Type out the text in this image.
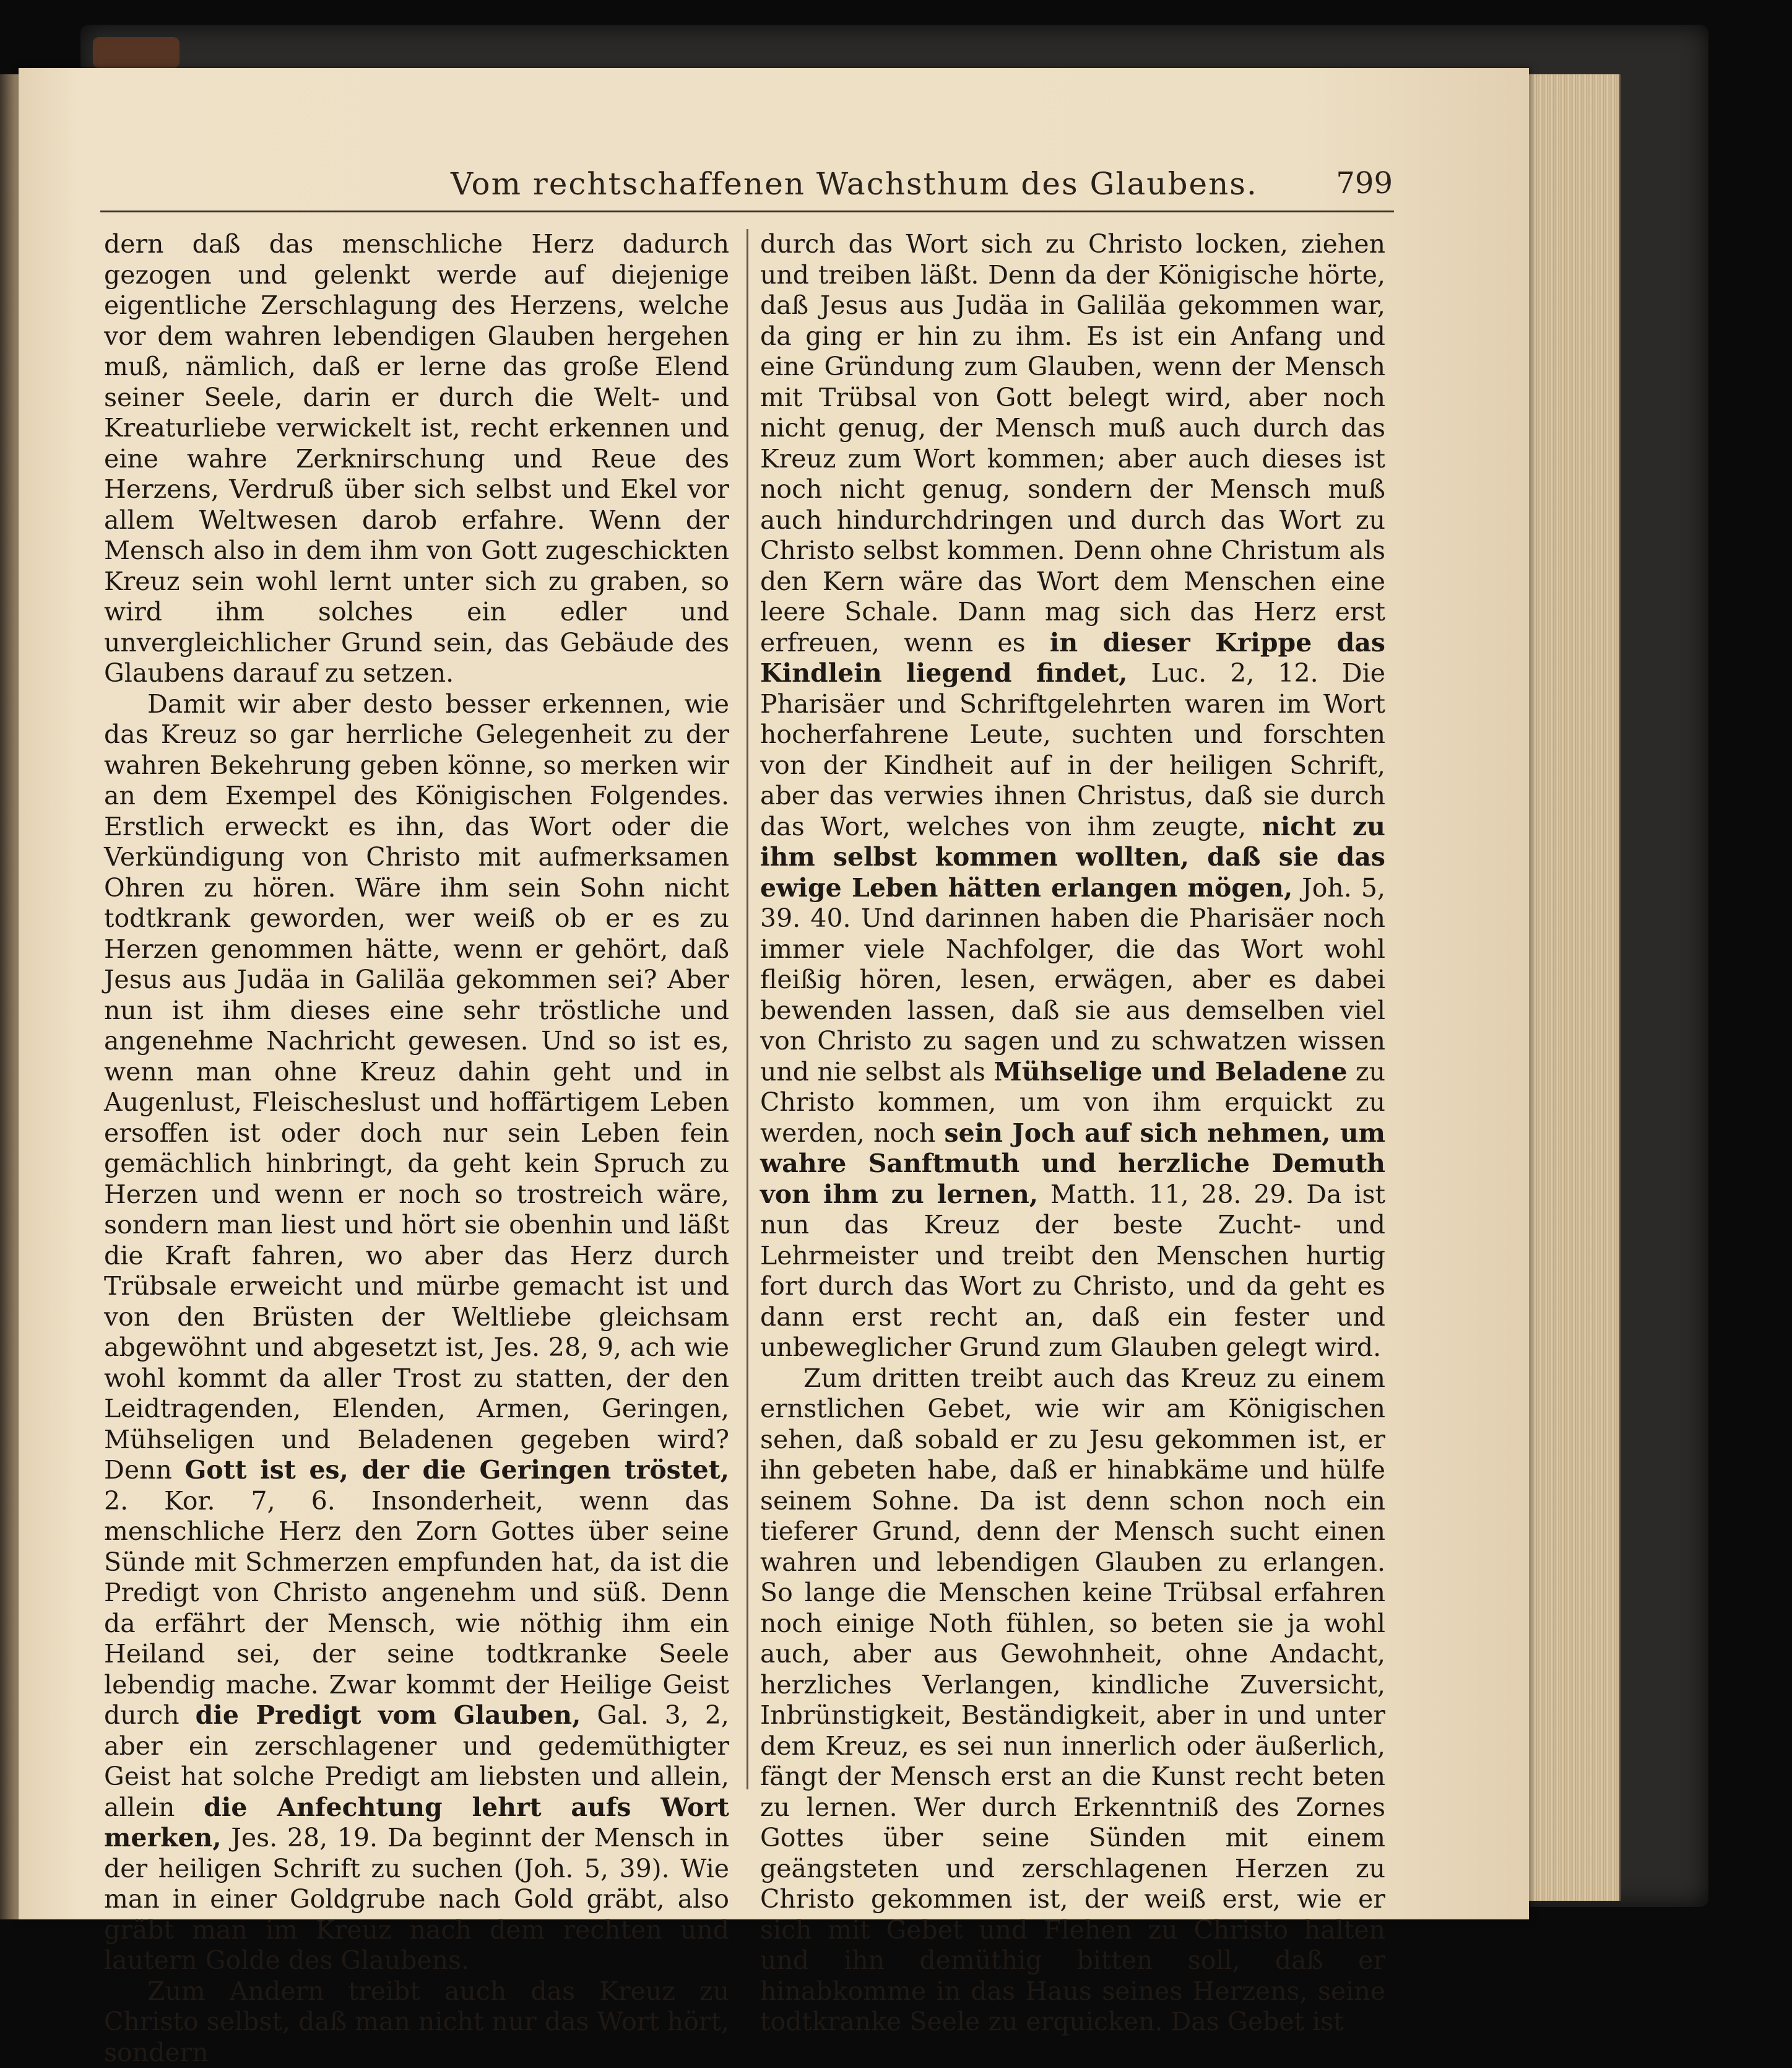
Vom rechtschaffenen Wachsthum des Glaubens.	799

dern daß das menschliche Herz dadurch gezogen und gelenkt werde auf diejenige eigentliche Zerschlagung des Herzens, welche vor dem wahren lebendigen Glauben hergehen muß, nämlich, daß er lerne das große Elend seiner Seele, darin er durch die Welt- und Kreaturliebe verwickelt ist, recht erkennen und eine wahre Zerknirschung und Reue des Herzens, Verdruß über sich selbst und Ekel vor allem Weltwesen darob erfahre. Wenn der Mensch also in dem ihm von Gott zugeschickten Kreuz sein wohl lernt unter sich zu graben, so wird ihm solches ein edler und unvergleichlicher Grund sein, das Gebäude des Glaubens darauf zu setzen.

Damit wir aber desto besser erkennen, wie das Kreuz so gar herrliche Gelegenheit zu der wahren Bekehrung geben könne, so merken wir an dem Exempel des Königischen Folgendes. Erstlich erweckt es ihn, das Wort oder die Verkündigung von Christo mit aufmerksamen Ohren zu hören. Wäre ihm sein Sohn nicht todtkrank geworden, wer weiß ob er es zu Herzen genommen hätte, wenn er gehört, daß Jesus aus Judäa in Galiläa gekommen sei? Aber nun ist ihm dieses eine sehr tröstliche und angenehme Nachricht gewesen. Und so ist es, wenn man ohne Kreuz dahin geht und in Augenlust, Fleischeslust und hoffärtigem Leben ersoffen ist oder doch nur sein Leben fein gemächlich hinbringt, da geht kein Spruch zu Herzen und wenn er noch so trostreich wäre, sondern man liest und hört sie obenhin und läßt die Kraft fahren, wo aber das Herz durch Trübsale erweicht und mürbe gemacht ist und von den Brüsten der Weltliebe gleichsam abgewöhnt und abgesetzt ist, Jes. 28, 9, ach wie wohl kommt da aller Trost zu statten, der den Leidtragenden, Elenden, Armen, Geringen, Mühseligen und Beladenen gegeben wird? Denn Gott ist es, der die Geringen tröstet, 2. Kor. 7, 6. Insonderheit, wenn das menschliche Herz den Zorn Gottes über seine Sünde mit Schmerzen empfunden hat, da ist die Predigt von Christo angenehm und süß. Denn da erfährt der Mensch, wie nöthig ihm ein Heiland sei, der seine todtkranke Seele lebendig mache. Zwar kommt der Heilige Geist durch die Predigt vom Glauben, Gal. 3, 2, aber ein zerschlagener und gedemüthigter Geist hat solche Predigt am liebsten und allein, allein die Anfechtung lehrt aufs Wort merken, Jes. 28, 19. Da beginnt der Mensch in der heiligen Schrift zu suchen (Joh. 5, 39). Wie man in einer Goldgrube nach Gold gräbt, also gräbt man im Kreuz nach dem rechten und lautern Golde des Glaubens.

Zum Andern treibt auch das Kreuz zu Christo selbst, daß man nicht nur das Wort hört, sondern

durch das Wort sich zu Christo locken, ziehen und treiben läßt. Denn da der Königische hörte, daß Jesus aus Judäa in Galiläa gekommen war, da ging er hin zu ihm. Es ist ein Anfang und eine Gründung zum Glauben, wenn der Mensch mit Trübsal von Gott belegt wird, aber noch nicht genug, der Mensch muß auch durch das Kreuz zum Wort kommen; aber auch dieses ist noch nicht genug, sondern der Mensch muß auch hindurchdringen und durch das Wort zu Christo selbst kommen. Denn ohne Christum als den Kern wäre das Wort dem Menschen eine leere Schale. Dann mag sich das Herz erst erfreuen, wenn es in dieser Krippe das Kindlein liegend findet, Luc. 2, 12. Die Pharisäer und Schriftgelehrten waren im Wort hocherfahrene Leute, suchten und forschten von der Kindheit auf in der heiligen Schrift, aber das verwies ihnen Christus, daß sie durch das Wort, welches von ihm zeugte, nicht zu ihm selbst kommen wollten, daß sie das ewige Leben hätten erlangen mögen, Joh. 5, 39. 40. Und darinnen haben die Pharisäer noch immer viele Nachfolger, die das Wort wohl fleißig hören, lesen, erwägen, aber es dabei bewenden lassen, daß sie aus demselben viel von Christo zu sagen und zu schwatzen wissen und nie selbst als Mühselige und Beladene zu Christo kommen, um von ihm erquickt zu werden, noch sein Joch auf sich nehmen, um wahre Sanftmuth und herzliche Demuth von ihm zu lernen, Matth. 11, 28. 29. Da ist nun das Kreuz der beste Zucht- und Lehrmeister und treibt den Menschen hurtig fort durch das Wort zu Christo, und da geht es dann erst recht an, daß ein fester und unbeweglicher Grund zum Glauben gelegt wird.

Zum dritten treibt auch das Kreuz zu einem ernstlichen Gebet, wie wir am Königischen sehen, daß sobald er zu Jesu gekommen ist, er ihn gebeten habe, daß er hinabkäme und hülfe seinem Sohne. Da ist denn schon noch ein tieferer Grund, denn der Mensch sucht einen wahren und lebendigen Glauben zu erlangen. So lange die Menschen keine Trübsal erfahren noch einige Noth fühlen, so beten sie ja wohl auch, aber aus Gewohnheit, ohne Andacht, herzliches Verlangen, kindliche Zuversicht, Inbrünstigkeit, Beständigkeit, aber in und unter dem Kreuz, es sei nun innerlich oder äußerlich, fängt der Mensch erst an die Kunst recht beten zu lernen. Wer durch Erkenntniß des Zornes Gottes über seine Sünden mit einem geängsteten und zerschlagenen Herzen zu Christo gekommen ist, der weiß erst, wie er sich mit Gebet und Flehen zu Christo halten und ihn demüthig bitten soll, daß er hinabkomme in das Haus seines Herzens, seine todtkranke Seele zu erquicken. Das Gebet ist
